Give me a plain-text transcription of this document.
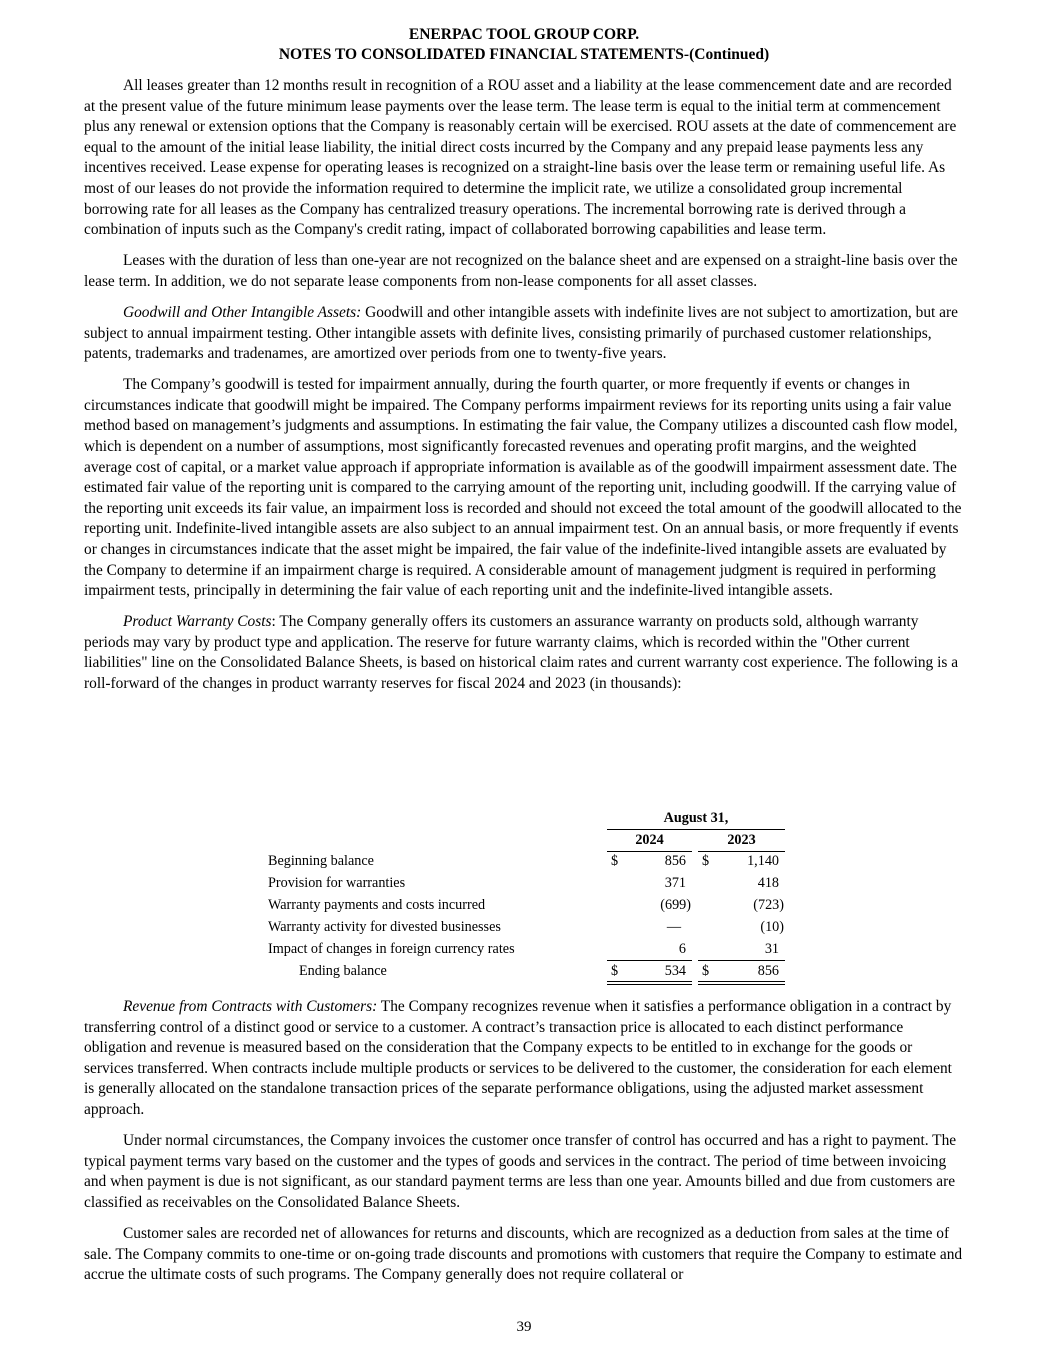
ENERPAC TOOL GROUP CORP.
NOTES TO CONSOLIDATED FINANCIAL STATEMENTS-(Continued)

All leases greater than 12 months result in recognition of a ROU asset and a liability at the lease commencement date and are recorded at the present value of the future minimum lease payments over the lease term. The lease term is equal to the initial term at commencement plus any renewal or extension options that the Company is reasonably certain will be exercised. ROU assets at the date of commencement are equal to the amount of the initial lease liability, the initial direct costs incurred by the Company and any prepaid lease payments less any incentives received. Lease expense for operating leases is recognized on a straight-line basis over the lease term or remaining useful life. As most of our leases do not provide the information required to determine the implicit rate, we utilize a consolidated group incremental borrowing rate for all leases as the Company has centralized treasury operations. The incremental borrowing rate is derived through a combination of inputs such as the Company's credit rating, impact of collaborated borrowing capabilities and lease term.

Leases with the duration of less than one-year are not recognized on the balance sheet and are expensed on a straight-line basis over the lease term. In addition, we do not separate lease components from non-lease components for all asset classes.

Goodwill and Other Intangible Assets: Goodwill and other intangible assets with indefinite lives are not subject to amortization, but are subject to annual impairment testing. Other intangible assets with definite lives, consisting primarily of purchased customer relationships, patents, trademarks and tradenames, are amortized over periods from one to twenty-five years.

The Company’s goodwill is tested for impairment annually, during the fourth quarter, or more frequently if events or changes in circumstances indicate that goodwill might be impaired. The Company performs impairment reviews for its reporting units using a fair value method based on management’s judgments and assumptions. In estimating the fair value, the Company utilizes a discounted cash flow model, which is dependent on a number of assumptions, most significantly forecasted revenues and operating profit margins, and the weighted average cost of capital, or a market value approach if appropriate information is available as of the goodwill impairment assessment date. The estimated fair value of the reporting unit is compared to the carrying amount of the reporting unit, including goodwill. If the carrying value of the reporting unit exceeds its fair value, an impairment loss is recorded and should not exceed the total amount of the goodwill allocated to the reporting unit. Indefinite-lived intangible assets are also subject to an annual impairment test. On an annual basis, or more frequently if events or changes in circumstances indicate that the asset might be impaired, the fair value of the indefinite-lived intangible assets are evaluated by the Company to determine if an impairment charge is required. A considerable amount of management judgment is required in performing impairment tests, principally in determining the fair value of each reporting unit and the indefinite-lived intangible assets.

Product Warranty Costs: The Company generally offers its customers an assurance warranty on products sold, although warranty periods may vary by product type and application. The reserve for future warranty claims, which is recorded within the "Other current liabilities" line on the Consolidated Balance Sheets, is based on historical claim rates and current warranty cost experience. The following is a roll-forward of the changes in product warranty reserves for fiscal 2024 and 2023 (in thousands):

August 31,
2024	2023
Beginning balance	$	856 $	1,140
Provision for warranties	371	418
Warranty payments and costs incurred	(699)	(723)
Warranty activity for divested businesses	—	(10)
Impact of changes in foreign currency rates	6	31
Ending balance	$	534 $	856

Revenue from Contracts with Customers: The Company recognizes revenue when it satisfies a performance obligation in a contract by transferring control of a distinct good or service to a customer. A contract’s transaction price is allocated to each distinct performance obligation and revenue is measured based on the consideration that the Company expects to be entitled to in exchange for the goods or services transferred. When contracts include multiple products or services to be delivered to the customer, the consideration for each element is generally allocated on the standalone transaction prices of the separate performance obligations, using the adjusted market assessment approach.

Under normal circumstances, the Company invoices the customer once transfer of control has occurred and has a right to payment. The typical payment terms vary based on the customer and the types of goods and services in the contract. The period of time between invoicing and when payment is due is not significant, as our standard payment terms are less than one year. Amounts billed and due from customers are classified as receivables on the Consolidated Balance Sheets.

Customer sales are recorded net of allowances for returns and discounts, which are recognized as a deduction from sales at the time of sale. The Company commits to one-time or on-going trade discounts and promotions with customers that require the Company to estimate and accrue the ultimate costs of such programs. The Company generally does not require collateral or

39
